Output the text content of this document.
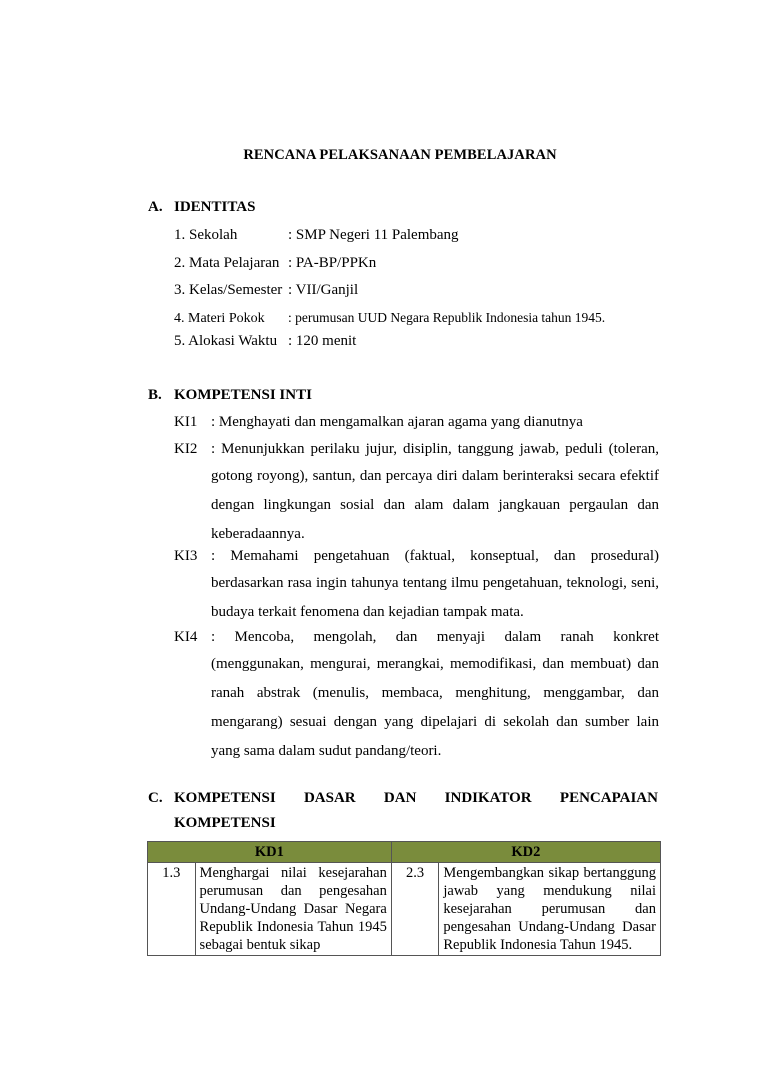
RENCANA PELAKSANAAN PEMBELAJARAN
A. IDENTITAS
1. Sekolah	: SMP Negeri 11 Palembang
2. Mata Pelajaran : PA-BP/PPKn
3. Kelas/Semester : VII/Ganjil
4. Materi Pokok : perumusan UUD Negara Republik Indonesia tahun 1945.
5. Alokasi Waktu : 120 menit
B. KOMPETENSI INTI
KI1 : Menghayati dan mengamalkan ajaran agama yang dianutnya
KI2 : Menunjukkan perilaku jujur, disiplin, tanggung jawab, peduli (toleran,
gotong royong), santun, dan percaya diri dalam berinteraksi secara efektif dengan lingkungan sosial dan alam dalam jangkauan pergaulan dan keberadaannya.
KI3 : Memahami pengetahuan (faktual, konseptual, dan prosedural)
berdasarkan rasa ingin tahunya tentang ilmu pengetahuan, teknologi, seni, budaya terkait fenomena dan kejadian tampak mata.
KI4 : Mencoba, mengolah, dan menyaji dalam ranah konkret
(menggunakan, mengurai, merangkai, memodifikasi, dan membuat) dan ranah abstrak (menulis, membaca, menghitung, menggambar, dan mengarang) sesuai dengan yang dipelajari di sekolah dan sumber lain yang sama dalam sudut pandang/teori.
C. KOMPETENSI DASAR DAN INDIKATOR PENCAPAIAN
KOMPETENSI
KD1		KD2	
1.3	Menghargai nilai kesejarahan perumusan dan pengesahan Undang-Undang Dasar Negara Republik Indonesia Tahun 1945 sebagai bentuk sikap	2.3	Mengembangkan sikap bertanggung jawab yang mendukung nilai kesejarahan perumusan dan pengesahan Undang-Undang Dasar Republik Indonesia Tahun 1945.
